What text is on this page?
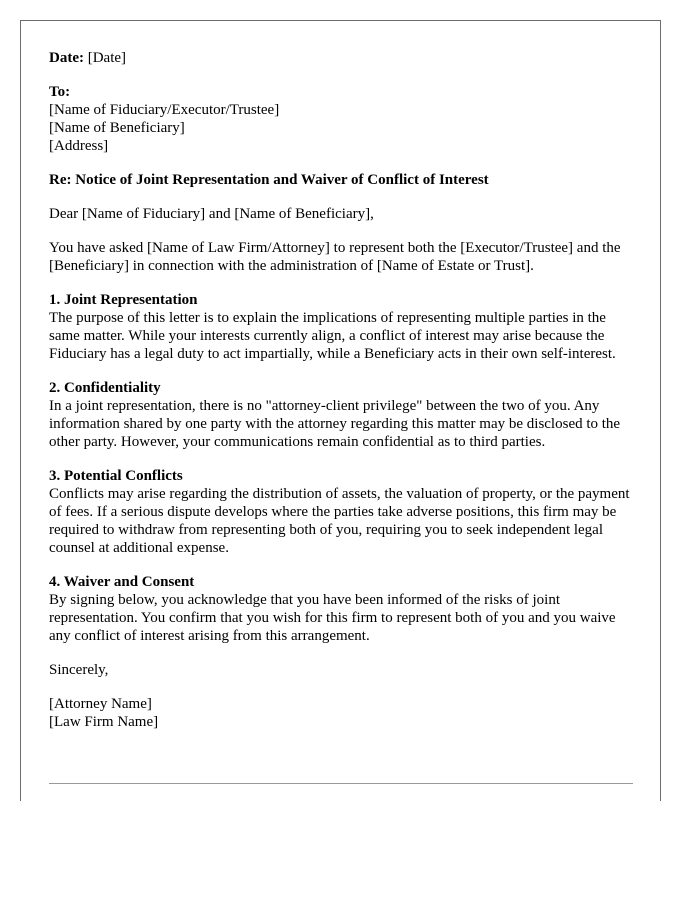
Date: [Date]

To:
[Name of Fiduciary/Executor/Trustee]
[Name of Beneficiary]
[Address]

Re: Notice of Joint Representation and Waiver of Conflict of Interest

Dear [Name of Fiduciary] and [Name of Beneficiary],

You have asked [Name of Law Firm/Attorney] to represent both the [Executor/Trustee] and the [Beneficiary] in connection with the administration of [Name of Estate or Trust].

1. Joint Representation

The purpose of this letter is to explain the implications of representing multiple parties in the same matter. While your interests currently align, a conflict of interest may arise because the Fiduciary has a legal duty to act impartially, while a Beneficiary acts in their own self-interest.

2. Confidentiality

In a joint representation, there is no "attorney-client privilege" between the two of you. Any information shared by one party with the attorney regarding this matter may be disclosed to the other party. However, your communications remain confidential as to third parties.

3. Potential Conflicts

Conflicts may arise regarding the distribution of assets, the valuation of property, or the payment of fees. If a serious dispute develops where the parties take adverse positions, this firm may be required to withdraw from representing both of you, requiring you to seek independent legal counsel at additional expense.

4. Waiver and Consent

By signing below, you acknowledge that you have been informed of the risks of joint representation. You confirm that you wish for this firm to represent both of you and you waive any conflict of interest arising from this arrangement.

Sincerely,

[Attorney Name]
[Law Firm Name]
